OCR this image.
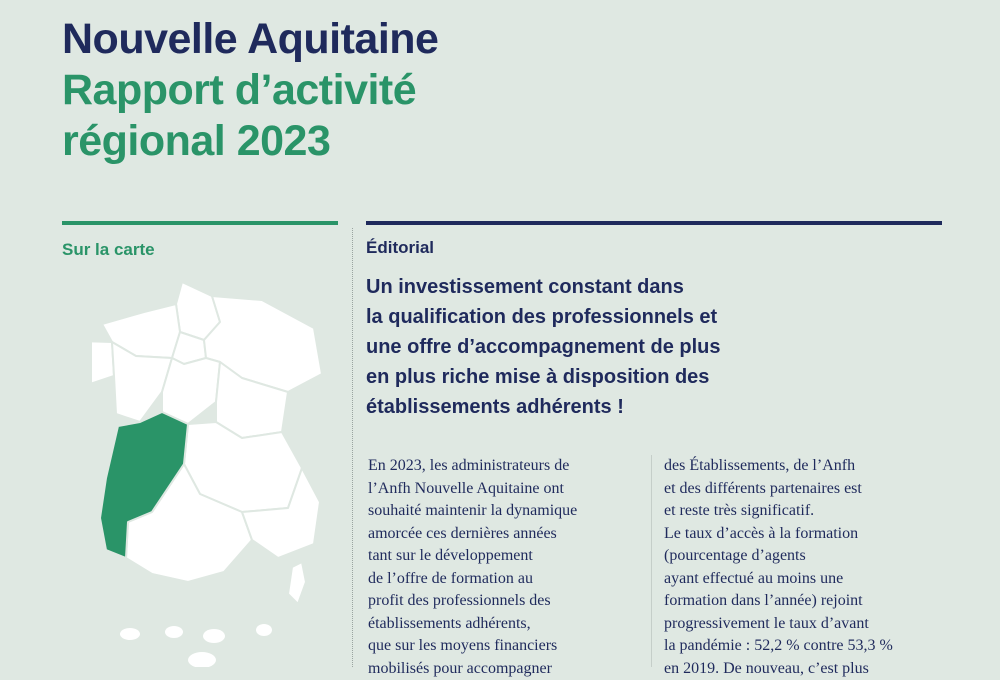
Nouvelle Aquitaine
Rapport d’activité
régional 2023
Sur la carte	Éditorial
Un investissement constant dans
la qualification des professionnels et
une offre d’accompagnement de plus
en plus riche mise à disposition des
établissements adhérents !
En 2023, les administrateurs de
l’Anfh Nouvelle Aquitaine ont
souhaité maintenir la dynamique
amorcée ces dernières années
tant sur le développement
de l’offre de formation au
profit des professionnels des
établissements adhérents,
que sur les moyens financiers
mobilisés pour accompagner
des Établissements, de l’Anfh
et des différents partenaires est
et reste très significatif.
Le taux d’accès à la formation
(pourcentage d’agents
ayant effectué au moins une
formation dans l’année) rejoint
progressivement le taux d’avant
la pandémie : 52,2 % contre 53,3 %
en 2019. De nouveau, c’est plus
